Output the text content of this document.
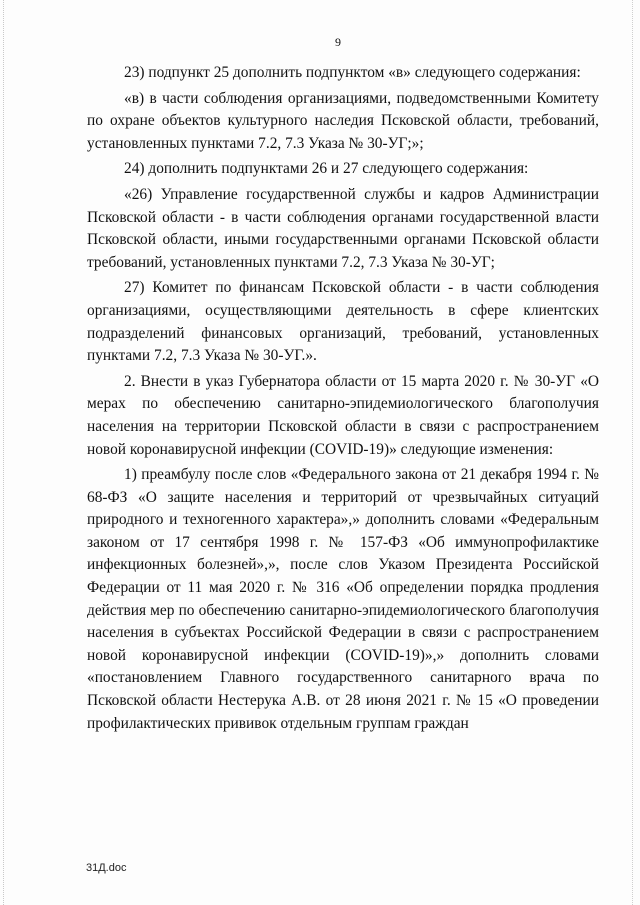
9

23) подпункт 25 дополнить подпунктом «в» следующего содержания:

«в) в части соблюдения организациями, подведомственными Комитету по охране объектов культурного наследия Псковской области, требований, установленных пунктами 7.2, 7.3 Указа № 30-УГ;»;

24) дополнить подпунктами 26 и 27 следующего содержания:

«26) Управление государственной службы и кадров Администрации Псковской области - в части соблюдения органами государственной власти Псковской области, иными государственными органами Псковской области требований, установленных пунктами 7.2, 7.3 Указа № 30-УГ;

27) Комитет по финансам Псковской области - в части соблюдения организациями, осуществляющими деятельность в сфере клиентских подразделений финансовых организаций, требований, установленных пунктами 7.2, 7.3 Указа № 30-УГ.».

2. Внести в указ Губернатора области от 15 марта 2020 г. № 30-УГ «О мерах по обеспечению санитарно-эпидемиологического благополучия населения на территории Псковской области в связи с распространением новой коронавирусной инфекции (COVID-19)» следующие изменения:

1) преамбулу после слов «Федерального закона от 21 декабря 1994 г. № 68-ФЗ «О защите населения и территорий от чрезвычайных ситуаций природного и техногенного характера»,» дополнить словами «Федеральным законом от 17 сентября 1998 г. № 157-ФЗ «Об иммунопрофилактике инфекционных болезней»,», после слов Указом Президента Российской Федерации от 11 мая 2020 г. № 316 «Об определении порядка продления действия мер по обеспечению санитарно-эпидемиологического благополучия населения в субъектах Российской Федерации в связи с распространением новой коронавирусной инфекции (COVID-19)»,» дополнить словами «постановлением Главного государственного санитарного врача по Псковской области Нестерука А.В. от 28 июня 2021 г. № 15 «О проведении профилактических прививок отдельным группам граждан

31Д.doc
